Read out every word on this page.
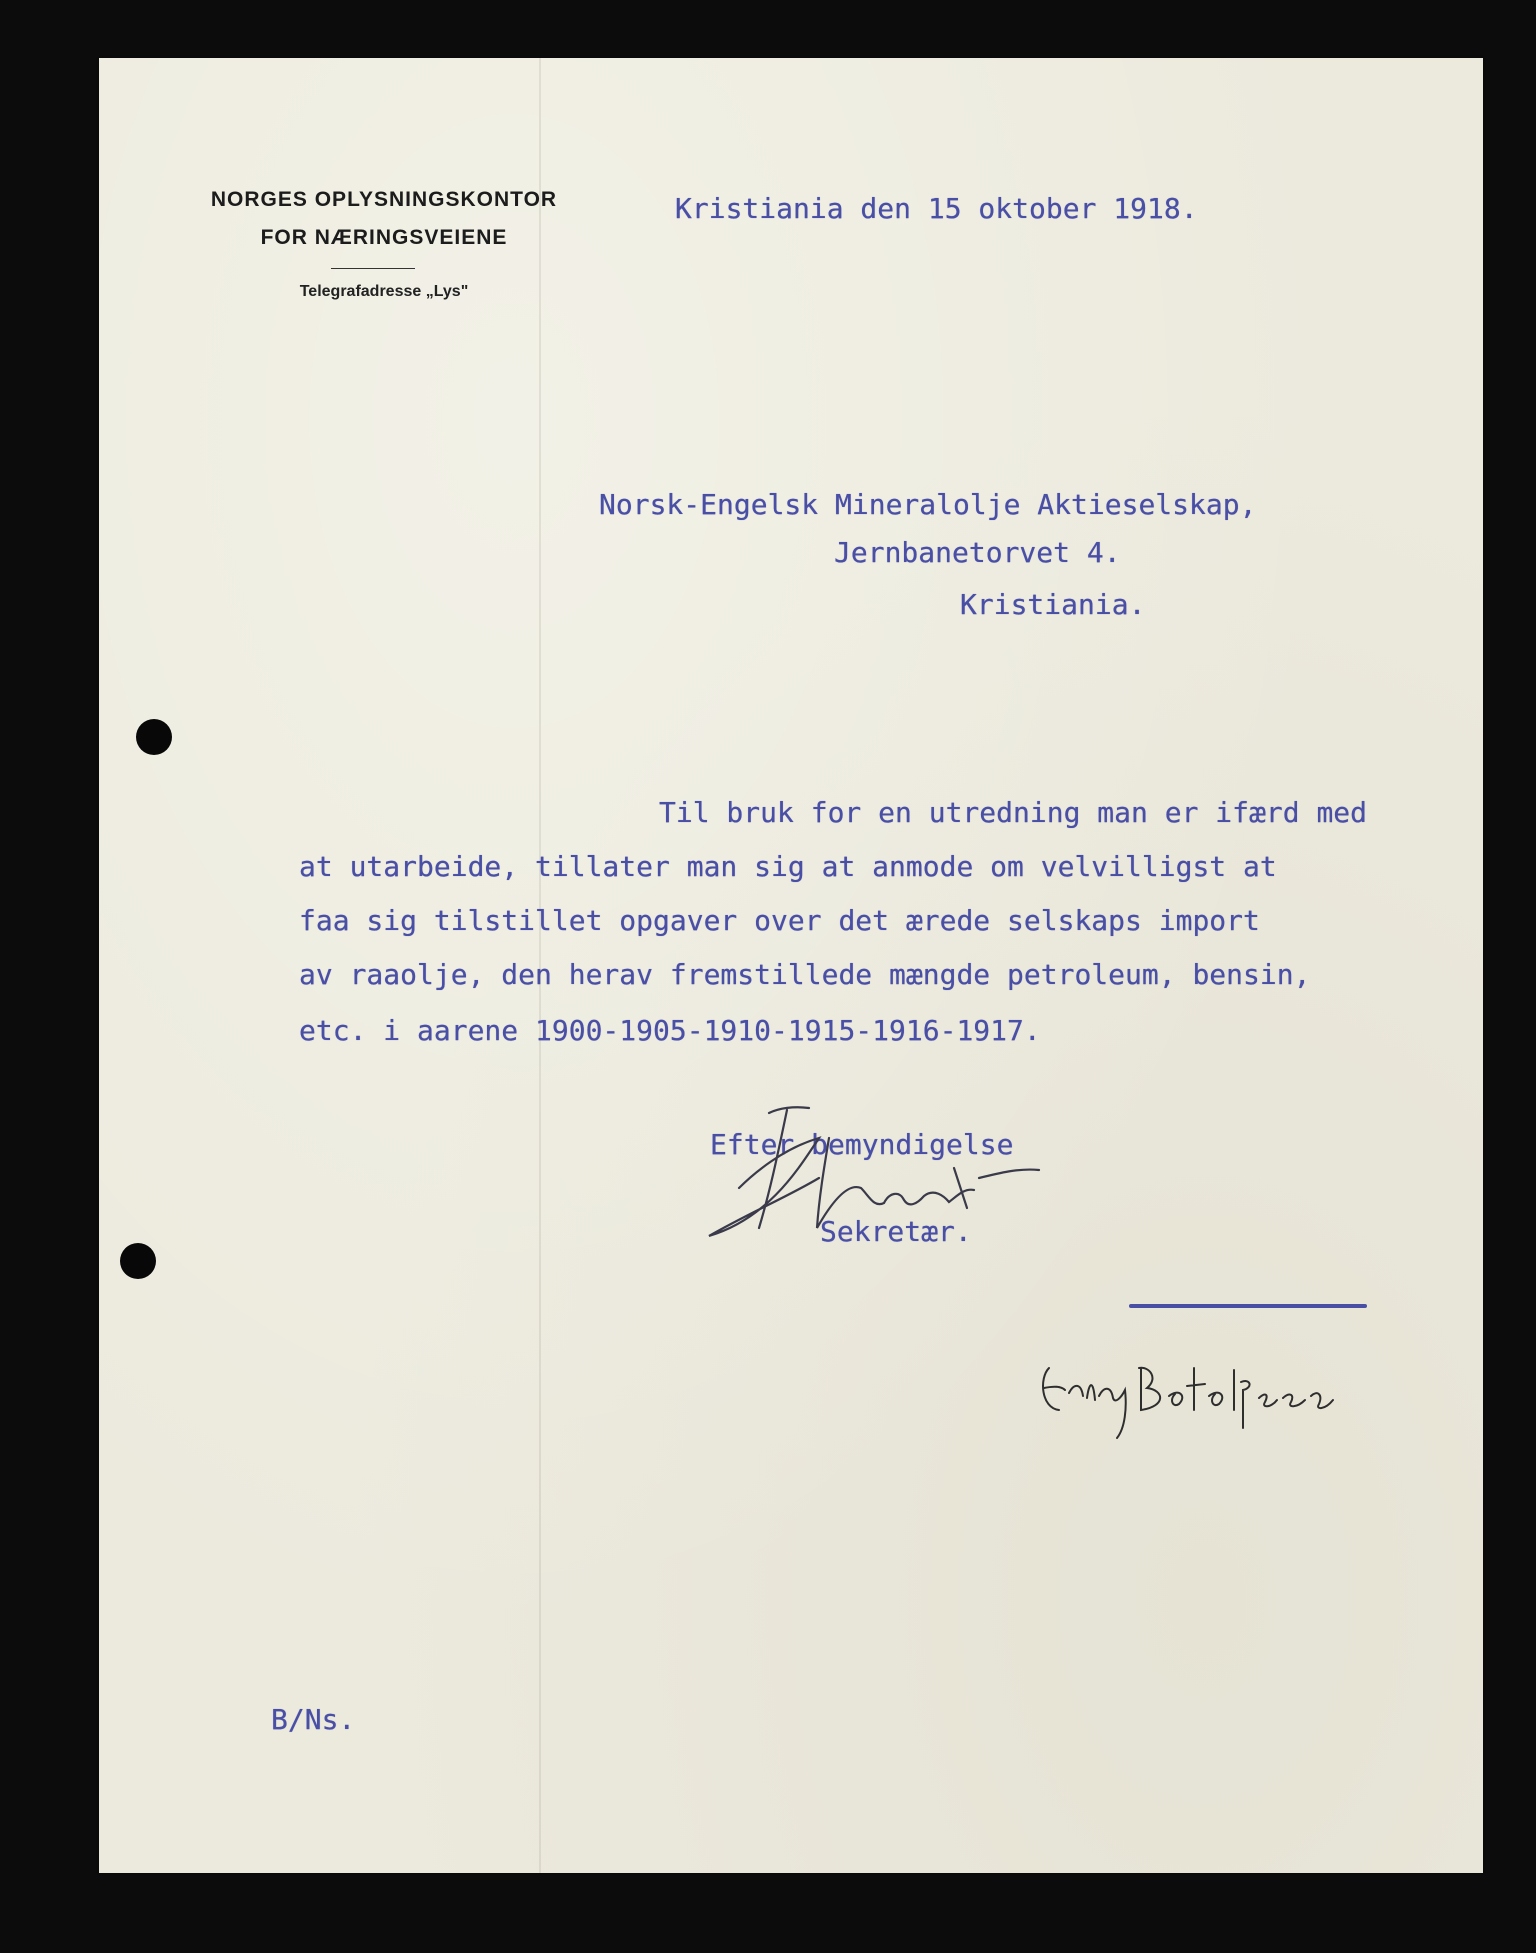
NORGES OPLYSNINGSKONTOR
FOR NÆRINGSVEIENE
Telegrafadresse „Lys"
Kristiania den 15 oktober 1918.
Norsk-Engelsk Mineralolje Aktieselskap,
Jernbanetorvet 4.
Kristiania.
Til bruk for en utredning man er ifærd med
at utarbeide, tillater man sig at anmode om velvilligst at
faa sig tilstillet opgaver over det ærede selskaps import
av raaolje, den herav fremstillede mængde petroleum, bensin,
etc. i aarene 1900-1905-1910-1915-1916-1917.
Efter bemyndigelse
Sekretær.
B/Ns.
